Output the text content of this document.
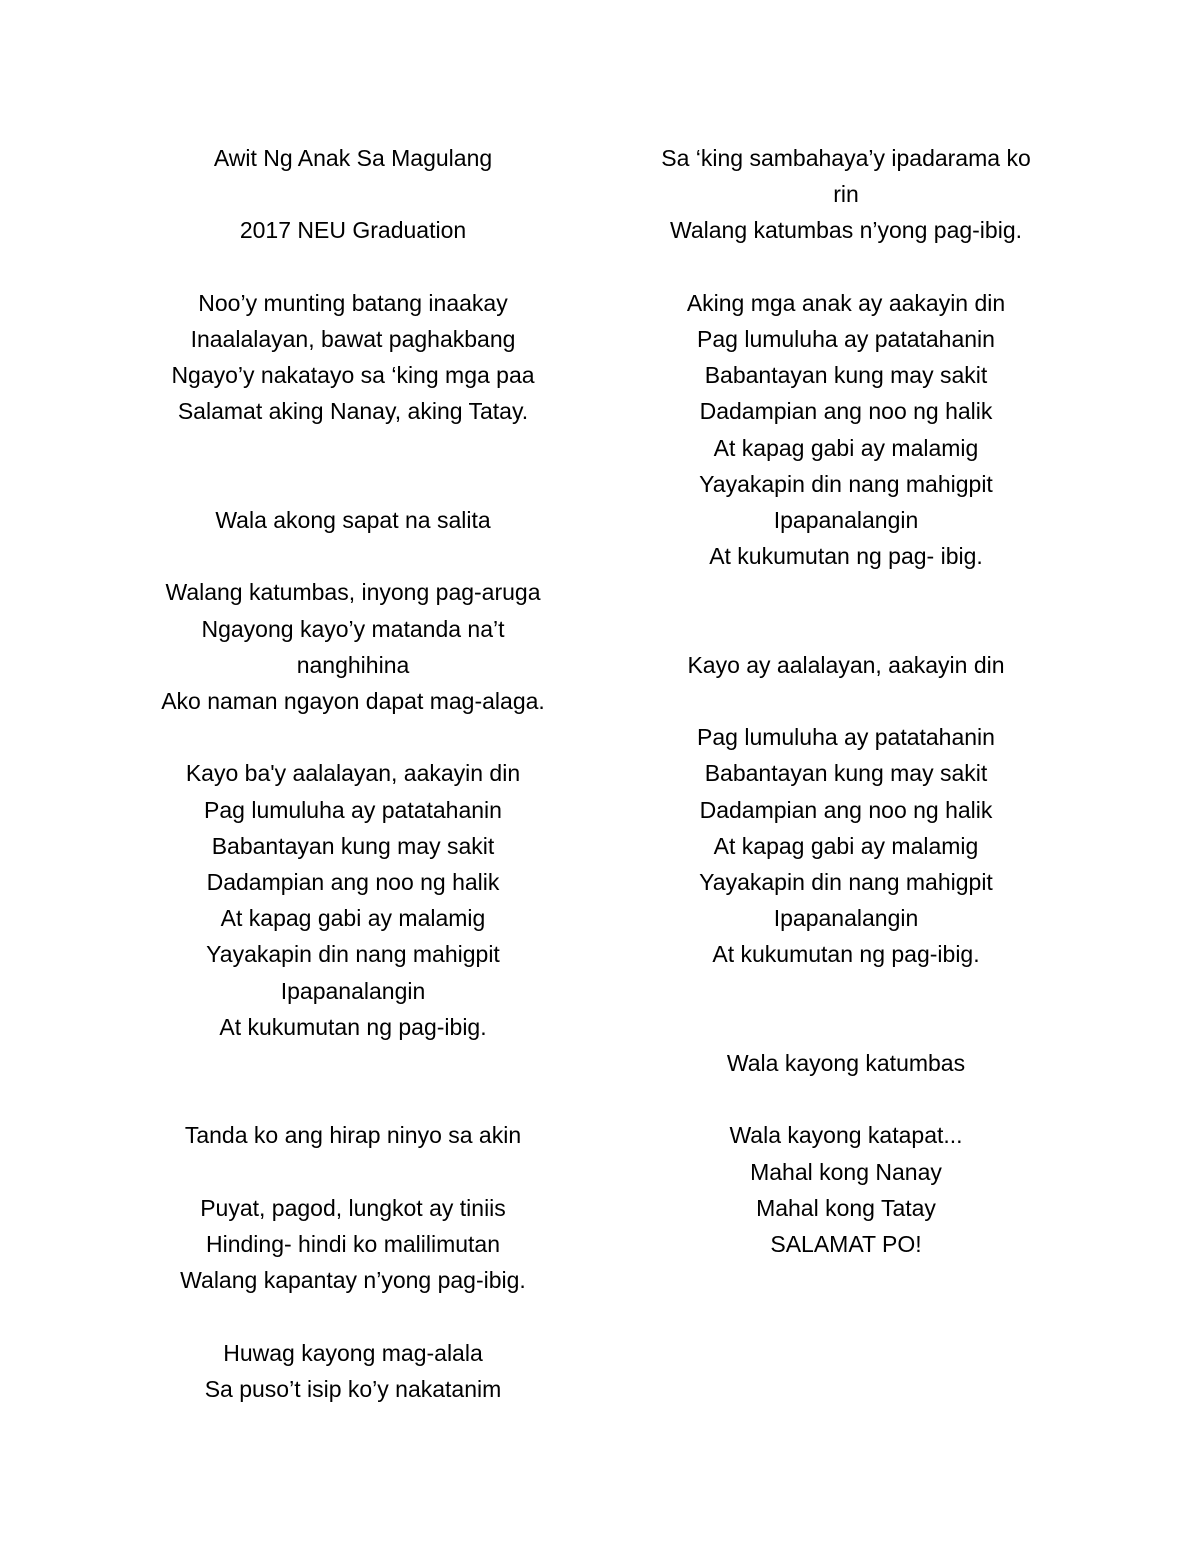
Awit Ng Anak Sa Magulang
2017 NEU Graduation
Noo’y munting batang inaakay
Inaalalayan, bawat paghakbang
Ngayo’y nakatayo sa ‘king mga paa
Salamat aking Nanay, aking Tatay.
Wala akong sapat na salita
Walang katumbas, inyong pag-aruga
Ngayong kayo’y matanda na’t
nanghihina
Ako naman ngayon dapat mag-alaga.
Kayo ba'y aalalayan, aakayin din
Pag lumuluha ay patatahanin
Babantayan kung may sakit
Dadampian ang noo ng halik
At kapag gabi ay malamig
Yayakapin din nang mahigpit
Ipapanalangin
At kukumutan ng pag-ibig.
Tanda ko ang hirap ninyo sa akin
Puyat, pagod, lungkot ay tiniis
Hinding- hindi ko malilimutan
Walang kapantay n’yong pag-ibig.
Huwag kayong mag-alala
Sa puso’t isip ko’y nakatanim
Sa ‘king sambahaya’y ipadarama ko
rin
Walang katumbas n’yong pag-ibig.
Aking mga anak ay aakayin din
Pag lumuluha ay patatahanin
Babantayan kung may sakit
Dadampian ang noo ng halik
At kapag gabi ay malamig
Yayakapin din nang mahigpit
Ipapanalangin
At kukumutan ng pag- ibig.
Kayo ay aalalayan, aakayin din
Pag lumuluha ay patatahanin
Babantayan kung may sakit
Dadampian ang noo ng halik
At kapag gabi ay malamig
Yayakapin din nang mahigpit
Ipapanalangin
At kukumutan ng pag-ibig.
Wala kayong katumbas
Wala kayong katapat...
Mahal kong Nanay
Mahal kong Tatay
SALAMAT PO!
